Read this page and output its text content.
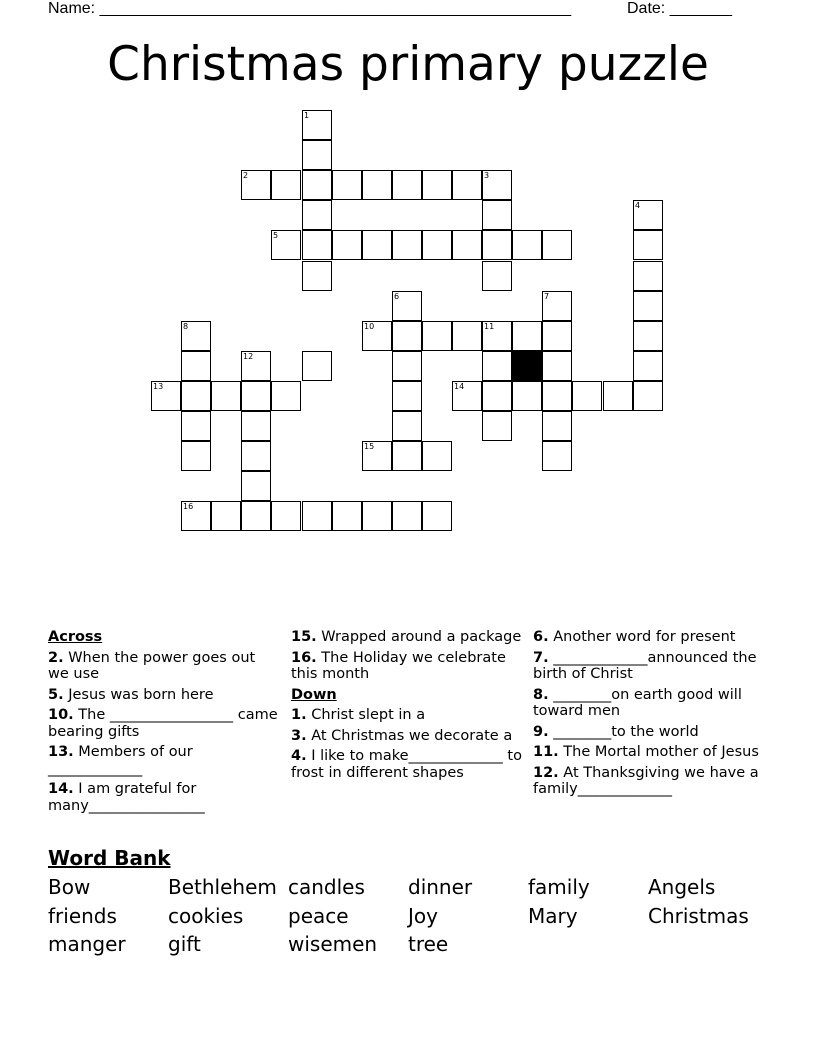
Name: _____________________________________________________	Date: _______
Christmas primary puzzle
1
2	3
5
4
6	7
10	11
8
12
13	14
15
16
Across
2. When the power goes out we use
5. Jesus was born here
10. The _________________ came bearing gifts
13. Members of our _____________
14. I am grateful for many________________
15. Wrapped around a package
16. The Holiday we celebrate this month
Down
1. Christ slept in a
3. At Christmas we decorate a
4. I like to make_____________ to frost in different shapes
6. Another word for present
7. _____________announced the birth of Christ
8. ________on earth good will toward men
9. ________to the world
11. The Mortal mother of Jesus
12. At Thanksgiving we have a family_____________
Word Bank
Bow	Bethlehem candles dinner	family	Angels
friends	cookies peace	Joy	Mary	Christmas
manger gift	wisemen tree
